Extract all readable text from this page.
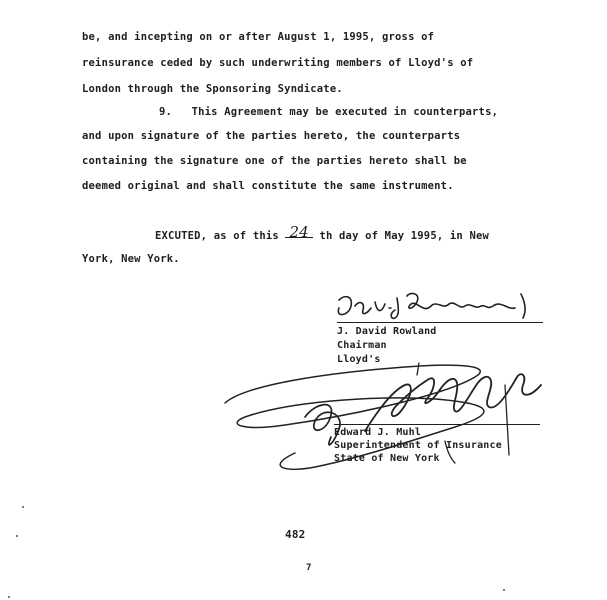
be, and incepting on or after August 1, 1995, gross of
reinsurance ceded by such underwriting members of Lloyd's of
London through the Sponsoring Syndicate.
9.   This Agreement may be executed in counterparts,
and upon signature of the parties hereto, the counterparts
containing the signature one of the parties hereto shall be
deemed original and shall constitute the same instrument.
EXCUTED, as of this 24 th day of May 1995, in New
York, New York.
J. David Rowland
Chairman
Lloyd's
Edward J. Muhl
Superintendent of Insurance
State of New York
482
7
